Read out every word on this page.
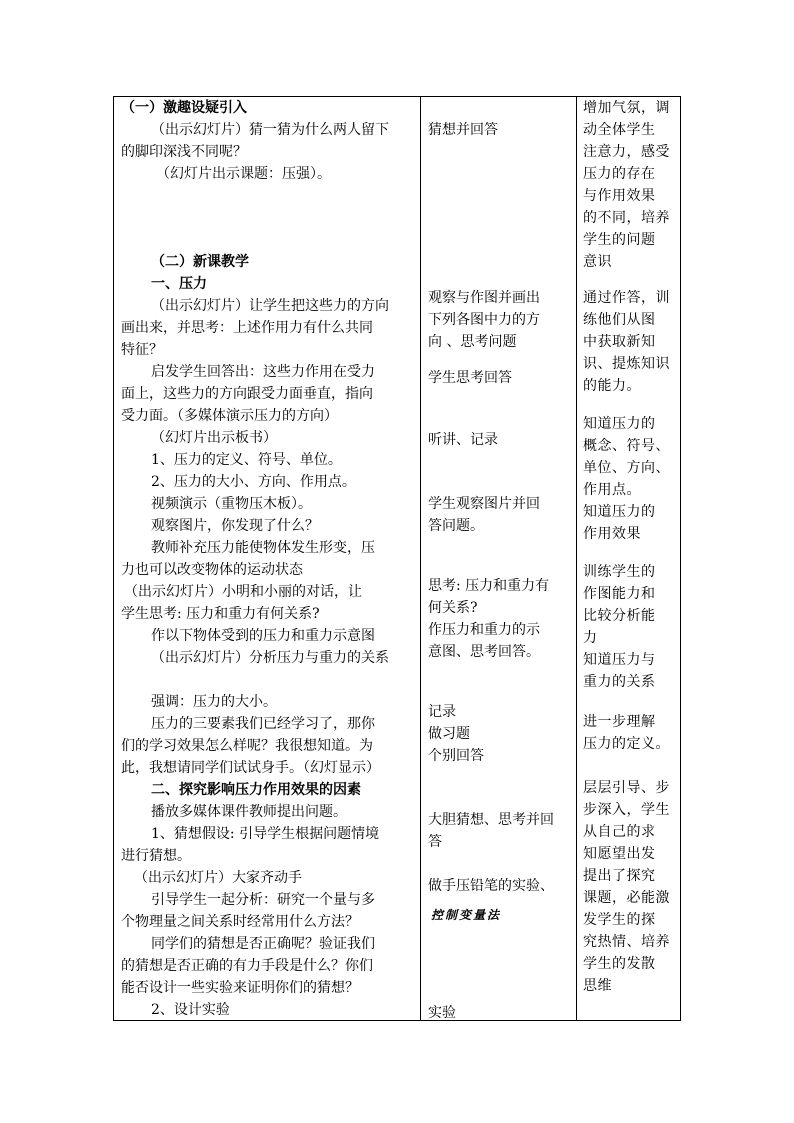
（一）激趣设疑引入
（出示幻灯片）猜一猜为什么两人留下
的脚印深浅不同呢？
（幻灯片出示课题：压强）。
（二）新课教学
一、压力
（出示幻灯片）让学生把这些力的方向
画出来，并思考：上述作用力有什么共同
特征？
启发学生回答出：这些力作用在受力
面上，这些力的方向跟受力面垂直，指向
受力面。（多媒体演示压力的方向）
（幻灯片出示板书）
1、压力的定义、符号、单位。
2、压力的大小、方向、作用点。
视频演示（重物压木板）。
观察图片，你发现了什么？
教师补充压力能使物体发生形变，压
力也可以改变物体的运动状态
（出示幻灯片）小明和小丽的对话，让
学生思考: 压力和重力有何关系?
作以下物体受到的压力和重力示意图
（出示幻灯片）分析压力与重力的关系
强调：压力的大小。
压力的三要素我们已经学习了，那你
们的学习效果怎么样呢？我很想知道。为
此，我想请同学们试试身手。（幻灯显示）
二、探究影响压力作用效果的因素
播放多媒体课件教师提出问题。
1、猜想假设: 引导学生根据问题情境
进行猜想。
（出示幻灯片）大家齐动手
引导学生一起分析：研究一个量与多
个物理量之间关系时经常用什么方法？
同学们的猜想是否正确呢？验证我们
的猜想是否正确的有力手段是什么？你们
能否设计一些实验来证明你们的猜想？
2、设计实验
猜想并回答
观察与作图并画出
下列各图中力的方
向 、思考问题
学生思考回答
听讲、记录
学生观察图片并回
答问题。
思考: 压力和重力有
何关系?
作压力和重力的示
意图、思考回答。
记录
做习题
个别回答
大胆猜想、思考并回
答
做手压铅笔的实验、
控制变量法
实验
增加气氛，调
动全体学生
注意力，感受
压力的存在
与作用效果
的不同，培养
学生的问题
意识
通过作答，训
练他们从图
中获取新知
识、提炼知识
的能力。
知道压力的
概念、符号、
单位、方向、
作用点。
知道压力的
作用效果
训练学生的
作图能力和
比较分析能
力
知道压力与
重力的关系
进一步理解
压力的定义。
层层引导、步
步深入，学生
从自己的求
知愿望出发
提出了探究
课题，必能激
发学生的探
究热情、培养
学生的发散
思维
